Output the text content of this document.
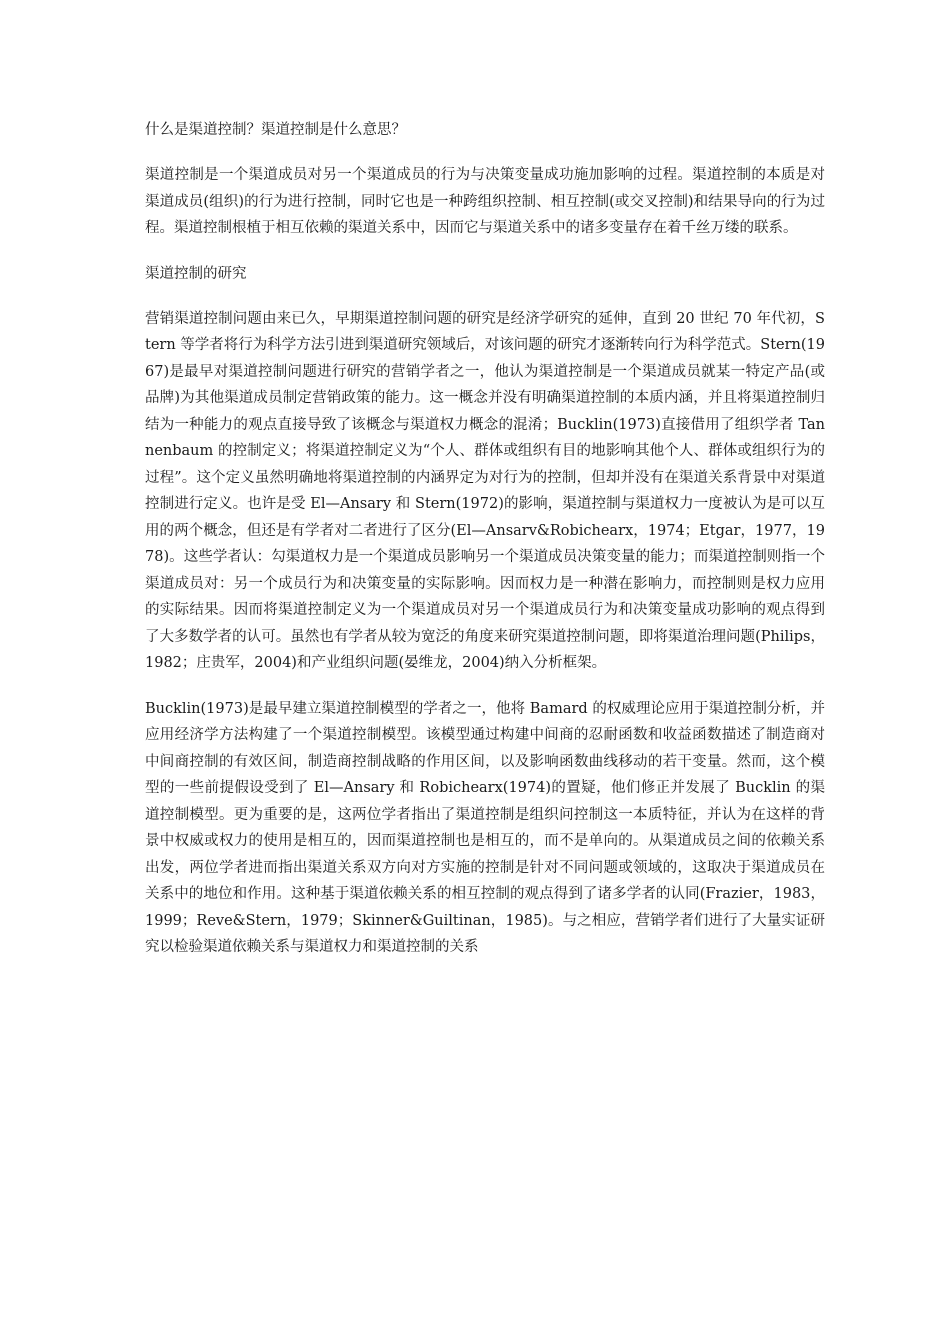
什么是渠道控制？渠道控制是什么意思？

渠道控制是一个渠道成员对另一个渠道成员的行为与决策变量成功施加影响的过程。渠道控制的本质是对渠道成员(组织)的行为进行控制，同时它也是一种跨组织控制、相互控制(或交叉控制)和结果导向的行为过程。渠道控制根植于相互依赖的渠道关系中，因而它与渠道关系中的诸多变量存在着千丝万缕的联系。

渠道控制的研究

营销渠道控制问题由来已久，早期渠道控制问题的研究是经济学研究的延伸，直到 20 世纪 70 年代初，Stern 等学者将行为科学方法引进到渠道研究领域后，对该问题的研究才逐渐转向行为科学范式。Stern(1967)是最早对渠道控制问题进行研究的营销学者之一，他认为渠道控制是一个渠道成员就某一特定产品(或品牌)为其他渠道成员制定营销政策的能力。这一概念并没有明确渠道控制的本质内涵，并且将渠道控制归结为一种能力的观点直接导致了该概念与渠道权力概念的混淆；Bucklin(1973)直接借用了组织学者 Tannenbaum 的控制定义；将渠道控制定义为“个人、群体或组织有目的地影响其他个人、群体或组织行为的过程”。这个定义虽然明确地将渠道控制的内涵界定为对行为的控制，但却并没有在渠道关系背景中对渠道控制进行定义。也许是受 El—Ansary 和 Stern(1972)的影响，渠道控制与渠道权力一度被认为是可以互用的两个概念，但还是有学者对二者进行了区分(El—Ansarv&Robichearx，1974；Etgar，1977，1978)。这些学者认：勾渠道权力是一个渠道成员影响另一个渠道成员决策变量的能力；而渠道控制则指一个渠道成员对：另一个成员行为和决策变量的实际影响。因而权力是一种潜在影响力，而控制则是权力应用的实际结果。因而将渠道控制定义为一个渠道成员对另一个渠道成员行为和决策变量成功影响的观点得到了大多数学者的认可。虽然也有学者从较为宽泛的角度来研究渠道控制问题，即将渠道治理问题(Philips，1982；庄贵军，2004)和产业组织问题(晏维龙，2004)纳入分析框架。

Bucklin(1973)是最早建立渠道控制模型的学者之一，他将 Bamard 的权威理论应用于渠道控制分析，并应用经济学方法构建了一个渠道控制模型。该模型通过构建中间商的忍耐函数和收益函数描述了制造商对中间商控制的有效区间，制造商控制战略的作用区间，以及影响函数曲线移动的若干变量。然而，这个模型的一些前提假设受到了 El—Ansary 和 Robichearx(1974)的置疑，他们修正并发展了 Bucklin 的渠道控制模型。更为重要的是，这两位学者指出了渠道控制是组织问控制这一本质特征，并认为在这样的背景中权威或权力的使用是相互的，因而渠道控制也是相互的，而不是单向的。从渠道成员之间的依赖关系出发，两位学者进而指出渠道关系双方向对方实施的控制是针对不同问题或领域的，这取决于渠道成员在关系中的地位和作用。这种基于渠道依赖关系的相互控制的观点得到了诸多学者的认同(Frazier，1983，1999；Reve&Stern，1979；Skinner&Guiltinan，1985)。与之相应，营销学者们进行了大量实证研究以检验渠道依赖关系与渠道权力和渠道控制的关系
